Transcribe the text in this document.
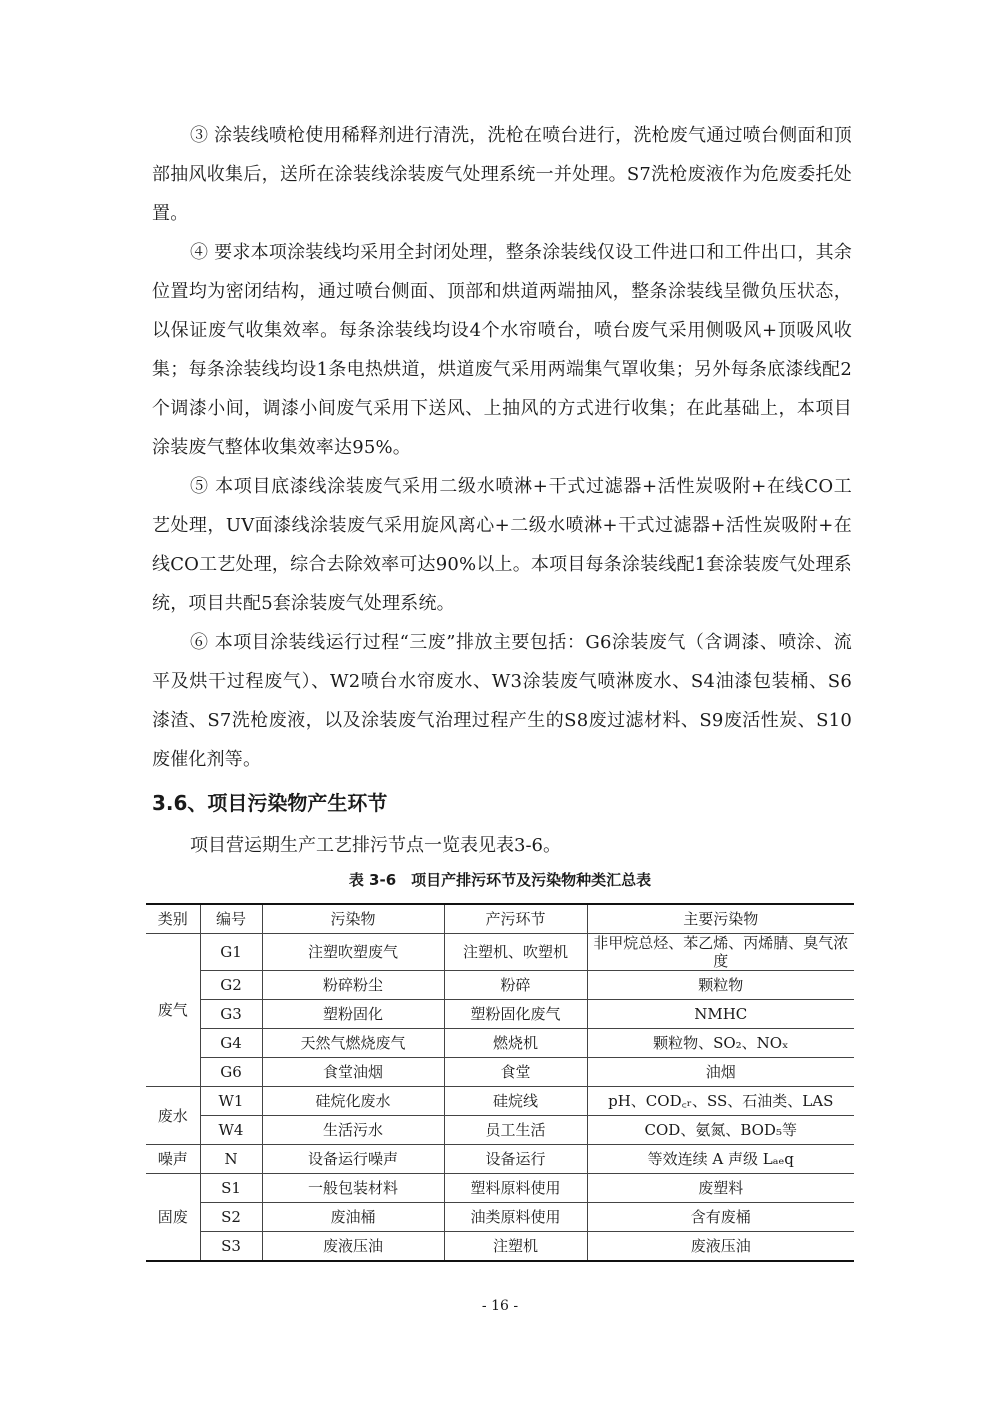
③ 涂装线喷枪使用稀释剂进行清洗，洗枪在喷台进行，洗枪废气通过喷台侧面和顶部抽风收集后，送所在涂装线涂装废气处理系统一并处理。S7洗枪废液作为危废委托处置。

④ 要求本项涂装线均采用全封闭处理，整条涂装线仅设工件进口和工件出口，其余位置均为密闭结构，通过喷台侧面、顶部和烘道两端抽风，整条涂装线呈微负压状态，以保证废气收集效率。每条涂装线均设4个水帘喷台，喷台废气采用侧吸风+顶吸风收集；每条涂装线均设1条电热烘道，烘道废气采用两端集气罩收集；另外每条底漆线配2个调漆小间，调漆小间废气采用下送风、上抽风的方式进行收集；在此基础上，本项目涂装废气整体收集效率达95%。

⑤ 本项目底漆线涂装废气采用二级水喷淋+干式过滤器+活性炭吸附+在线CO工艺处理，UV面漆线涂装废气采用旋风离心+二级水喷淋+干式过滤器+活性炭吸附+在线CO工艺处理，综合去除效率可达90%以上。本项目每条涂装线配1套涂装废气处理系统，项目共配5套涂装废气处理系统。

⑥ 本项目涂装线运行过程“三废”排放主要包括：G6涂装废气（含调漆、喷涂、流平及烘干过程废气）、W2喷台水帘废水、W3涂装废气喷淋废水、S4油漆包装桶、S6漆渣、S7洗枪废液，以及涂装废气治理过程产生的S8废过滤材料、S9废活性炭、S10废催化剂等。

3.6、项目污染物产生环节

项目营运期生产工艺排污节点一览表见表3-6。

表 3-6　项目产排污环节及污染物种类汇总表

类别	编号	污染物	产污环节	主要污染物
废气	G1	注塑吹塑废气	注塑机、吹塑机	非甲烷总烃、苯乙烯、丙烯腈、臭气浓度
	G2	粉碎粉尘	粉碎	颗粒物
	G3	塑粉固化	塑粉固化废气	NMHC
	G4	天然气燃烧废气	燃烧机	颗粒物、SO₂、NOₓ
	G6	食堂油烟	食堂	油烟
废水	W1	硅烷化废水	硅烷线	pH、COD꜀ᵣ、SS、石油类、LAS
	W4	生活污水	员工生活	COD、氨氮、BOD₅等
噪声	N	设备运行噪声	设备运行	等效连续 A 声级 Lₐₑq
固废	S1	一般包装材料	塑料原料使用	废塑料
	S2	废油桶	油类原料使用	含有废桶
	S3	废液压油	注塑机	废液压油

- 16 -
